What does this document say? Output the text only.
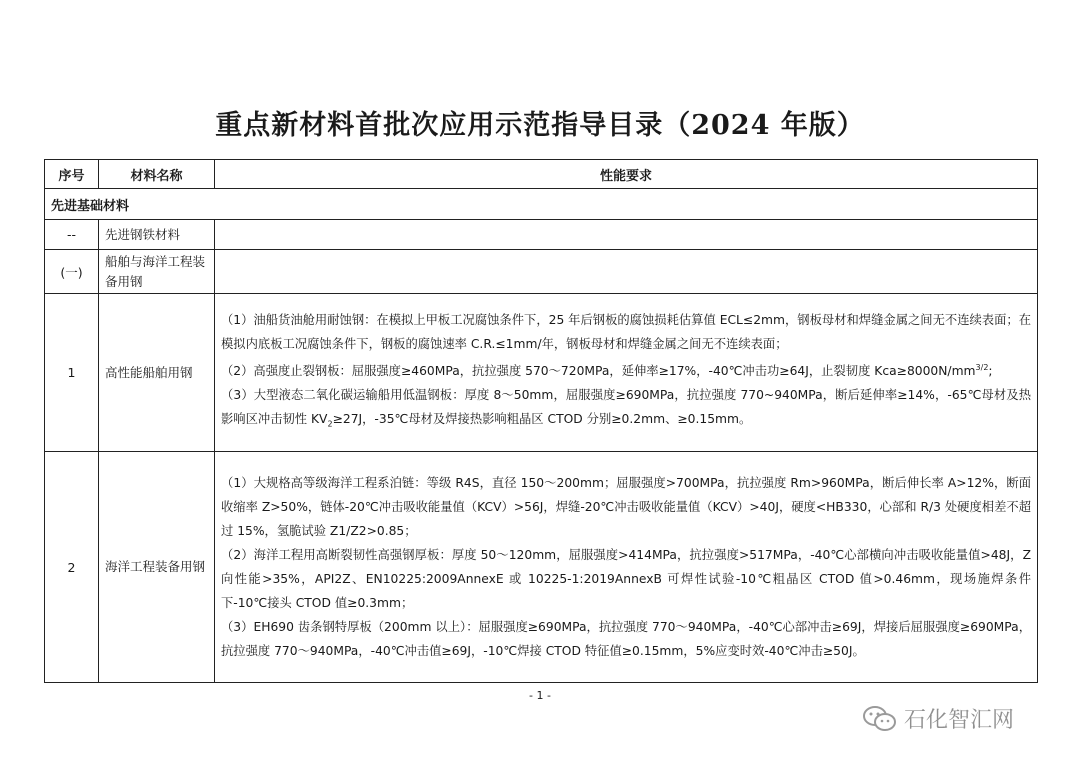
重点新材料首批次应用示范指导目录（2024 年版）
序号	材料名称	性能要求
先进基础材料		
--	先进钢铁材料	
(一)	船舶与海洋工程装备用钢	
1	高性能船舶用钢	（1）油船货油舱用耐蚀钢：在模拟上甲板工况腐蚀条件下，25 年后钢板的腐蚀损耗估算值 ECL≤2mm，钢板母材和焊缝金属之间无不连续表面；在模拟内底板工况腐蚀条件下，钢板的腐蚀速率 C.R.≤1mm/年，钢板母材和焊缝金属之间无不连续表面；

（2）高强度止裂钢板：屈服强度≥460MPa，抗拉强度 570～720MPa，延伸率≥17%，-40℃冲击功≥64J，止裂韧度 $Kca\ge 8000N/mm^{3/2}$;

（3）大型液态二氧化碳运输船用低温钢板：厚度 8～50mm，屈服强度≥690MPa，抗拉强度 770~940MPa，断后延伸率≥14%，-65℃母材及热影响区冲击韧性 $KV_2\ge 27J$，-35℃母材及焊接热影响粗晶区 CTOD 分别≥0.2mm、≥0.15mm。

2	海洋工程装备用钢	（1）大规格高等级海洋工程系泊链：等级 R4S，直径 150～200mm；屈服强度>700MPa，抗拉强度 Rm>960MPa，断后伸长率 A>12%，断面收缩率 Z>50%，链体-20℃冲击吸收能量值（KCV）>56J，焊缝-20℃冲击吸收能量值（KCV）>40J，硬度<HB330，心部和 R/3 处硬度相差不超过 15%，氢脆试验 Z1/Z2>0.85；

（2）海洋工程用高断裂韧性高强钢厚板：厚度 50～120mm，屈服强度>414MPa，抗拉强度>517MPa，-40℃心部横向冲击吸收能量值>48J，Z 向性能>35%，API2Z、EN10225:2009AnnexE 或 10225-1:2019AnnexB 可焊性试验-10℃粗晶区 CTOD 值>0.46mm，现场施焊条件下-10℃接头 CTOD 值≥0.3mm；

（3）EH690 齿条钢特厚板（200mm 以上）：屈服强度≥690MPa，抗拉强度 770～940MPa，-40℃心部冲击≥69J，焊接后屈服强度≥690MPa，抗拉强度 770～940MPa，-40℃冲击值≥69J，-10℃焊接 CTOD 特征值≥0.15mm，5%应变时效-40℃冲击≥50J。

- 1 -
石化智汇网
